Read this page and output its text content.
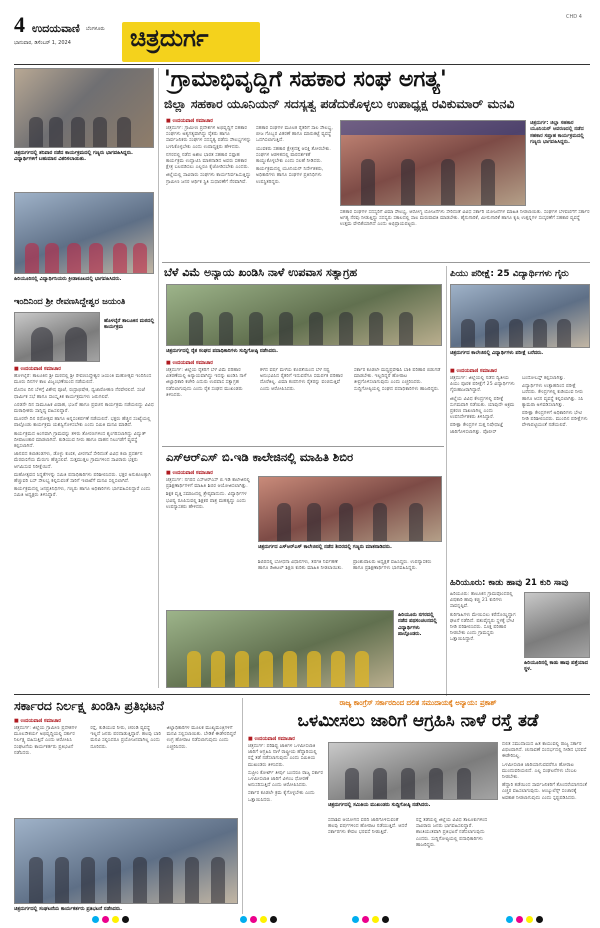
4 ಉದಯವಾಣಿ ಬೆಂಗಳೂರು
ಭಾನುವಾರ, ಡಿಸೆಂಬರ್ 1, 2024 ಚಿತ್ರದುರ್ಗ
CHD 4
ಚಿತ್ರದುರ್ಗದಲ್ಲಿ ಶನಿವಾರ ನಡೆದ ಕಾರ್ಯಕ್ರಮದಲ್ಲಿ ಗಣ್ಯರು ಭಾಗವಹಿಸಿದ್ದರು. ವಿದ್ಯಾರ್ಥಿಗಳಿಗೆ ಬಹುಮಾನ ವಿತರಿಸಲಾಯಿತು.
ಹಿರಿಯೂರಿನಲ್ಲಿ ವಿದ್ಯಾರ್ಥಿನಿಯರು ಕ್ರೀಡಾಕೂಟದಲ್ಲಿ ಭಾಗವಹಿಸಿದರು.
'ಗ್ರಾಮಾಭಿವೃದ್ಧಿಗೆ ಸಹಕಾರ ಸಂಘ ಅಗತ್ಯ'
ಜಿಲ್ಲಾ ಸಹಕಾರ ಯೂನಿಯನ್ ಸದಸ್ಯತ್ವ ಪಡೆದುಕೊಳ್ಳಲು ಉಪಾಧ್ಯಕ್ಷ ರವಿಕುಮಾರ್ ಮನವಿ
■ ಉದಯವಾಣಿ ಸಮಾಚಾರ

ಚಿತ್ರದುರ್ಗ: ಗ್ರಾಮೀಣ ಪ್ರದೇಶಗಳ ಅಭಿವೃದ್ಧಿಗೆ ಸಹಕಾರ ಸಂಘಗಳು ಅತ್ಯಗತ್ಯವಾಗಿದ್ದು ರೈತರು ಹಾಗೂ ಸಾರ್ವಜನಿಕರು ಸಂಘಗಳ ಸದಸ್ಯತ್ವ ಪಡೆದು ಸೌಲಭ್ಯಗಳನ್ನು ಬಳಸಿಕೊಳ್ಳಬೇಕು ಎಂದು ಉಪಾಧ್ಯಕ್ಷರು ಹೇಳಿದರು.

ನಗರದಲ್ಲಿ ನಡೆದ ಅಖಿಲ ಭಾರತ ಸಹಕಾರ ಸಪ್ತಾಹ ಕಾರ್ಯಕ್ರಮ ಉದ್ಘಾಟಿಸಿ ಮಾತನಾಡಿದ ಅವರು ಸಹಕಾರ ಕ್ಷೇತ್ರ ಬಲಪಡಿಸಲು ಎಲ್ಲರೂ ಕೈಜೋಡಿಸಬೇಕು ಎಂದರು.

ಜಿಲ್ಲೆಯಲ್ಲಿ ಸಾವಿರಾರು ಸಂಘಗಳು ಕಾರ್ಯನಿರ್ವಹಿಸುತ್ತಿದ್ದು ಗ್ರಾಮೀಣ ಜನರ ಆರ್ಥಿಕ ಸ್ಥಿತಿ ಸುಧಾರಣೆಗೆ ನೆರವಾಗಿವೆ.

ಸಹಕಾರ ಸಂಘಗಳ ಮೂಲಕ ರೈತರಿಗೆ ಸಾಲ ಸೌಲಭ್ಯ, ಬೀಜ ಗೊಬ್ಬರ ವಿತರಣೆ ಹಾಗೂ ಮಾರುಕಟ್ಟೆ ವ್ಯವಸ್ಥೆ ಒದಗಿಸಲಾಗುತ್ತಿದೆ.

ಯುವಕರು ಸಹಕಾರ ಕ್ಷೇತ್ರದತ್ತ ಆಸಕ್ತಿ ತೋರಬೇಕು. ಸಂಘಗಳ ಆಡಳಿತದಲ್ಲಿ ಪಾರದರ್ಶಕತೆ ಕಾಯ್ದುಕೊಳ್ಳಬೇಕು ಎಂದು ಸಲಹೆ ನೀಡಿದರು.

ಕಾರ್ಯಕ್ರಮದಲ್ಲಿ ಯೂನಿಯನ್ ನಿರ್ದೇಶಕರು, ಅಧಿಕಾರಿಗಳು ಹಾಗೂ ಸಂಘಗಳ ಪ್ರತಿನಿಧಿಗಳು ಉಪಸ್ಥಿತರಿದ್ದರು.

ಚಿತ್ರದುರ್ಗ: ಜಿಲ್ಲಾ ಸಹಕಾರ ಯೂನಿಯನ್ ಆವರಣದಲ್ಲಿ ನಡೆದ ಸಹಕಾರ ಸಪ್ತಾಹ ಕಾರ್ಯಕ್ರಮದಲ್ಲಿ ಗಣ್ಯರು ಭಾಗವಹಿಸಿದ್ದರು.

ಸಹಕಾರ ಸಂಘಗಳ ಸದಸ್ಯರಿಗೆ ವಿಮಾ ಸೌಲಭ್ಯ, ಆರೋಗ್ಯ ಯೋಜನೆಗಳು ಸೇರಿದಂತೆ ವಿವಿಧ ಸರ್ಕಾರಿ ಯೋಜನೆಗಳ ಮಾಹಿತಿ ನೀಡಲಾಯಿತು. ಸಂಘಗಳ ಬೆಳವಣಿಗೆಗೆ ಸರ್ಕಾರ ಅಗತ್ಯ ನೆರವು ನೀಡುತ್ತಿದ್ದು ಸದಸ್ಯರು ಸಕಾಲದಲ್ಲಿ ಸಾಲ ಮರುಪಾವತಿ ಮಾಡಬೇಕು. ಹೈನುಗಾರಿಕೆ, ಮೀನುಗಾರಿಕೆ ಹಾಗೂ ಕೃಷಿ ಉತ್ಪನ್ನಗಳ ಸಂಸ್ಕರಣೆಗೆ ಸಹಕಾರ ವ್ಯವಸ್ಥೆ ಉತ್ತಮ ವೇದಿಕೆಯಾಗಿದೆ ಎಂದು ಅಭಿಪ್ರಾಯಪಟ್ಟರು.

ಇಂದಿನಿಂದ ಶ್ರೀ ರೇವಣಸಿದ್ದೇಶ್ವರ ಜಯಂತಿ
ಹೊಳಲ್ಕೆರೆ ತಾಲೂಕಿನ ಮಠದಲ್ಲಿ ಕಾರ್ಯಕ್ರಮ
■ ಉದಯವಾಣಿ ಸಮಾಚಾರ

ಹೊಳಲ್ಕೆರೆ: ತಾಲೂಕಿನ ಶ್ರೀ ಮಠದಲ್ಲಿ ಶ್ರೀ ರೇವಣಸಿದ್ದೇಶ್ವರ ಜಯಂತಿ ಮಹೋತ್ಸವ ಇಂದಿನಿಂದ ಮೂರು ದಿನಗಳ ಕಾಲ ವಿಜೃಂಭಣೆಯಿಂದ ನಡೆಯಲಿದೆ.

ಮೊದಲ ದಿನ ಬೆಳಿಗ್ಗೆ ವಿಶೇಷ ಪೂಜೆ, ರುದ್ರಾಭಿಷೇಕ, ಧ್ವಜಾರೋಹಣ ನೆರವೇರಲಿದೆ. ಸಂಜೆ ಧಾರ್ಮಿಕ ಸಭೆ ಹಾಗೂ ಸಾಂಸ್ಕೃತಿಕ ಕಾರ್ಯಕ್ರಮಗಳು ಜರುಗಲಿವೆ.

ಎರಡನೇ ದಿನ ಸಾಮೂಹಿಕ ವಿವಾಹ, ಭಜನೆ ಹಾಗೂ ಪ್ರವಚನ ಕಾರ್ಯಕ್ರಮ ನಡೆಯಲಿದ್ದು ವಿವಿಧ ಮಠಾಧೀಶರು ಸಾನ್ನಿಧ್ಯ ವಹಿಸಲಿದ್ದಾರೆ.

ಮೂರನೇ ದಿನ ರಥೋತ್ಸವ ಹಾಗೂ ಅನ್ನಸಂತರ್ಪಣೆ ನಡೆಯಲಿದೆ. ಭಕ್ತರು ಹೆಚ್ಚಿನ ಸಂಖ್ಯೆಯಲ್ಲಿ ಪಾಲ್ಗೊಂಡು ಕಾರ್ಯಕ್ರಮ ಯಶಸ್ವಿಗೊಳಿಸಬೇಕು ಎಂದು ಸಮಿತಿ ಮನವಿ ಮಾಡಿದೆ.

ಕಾರ್ಯಕ್ರಮದ ಅಂಗವಾಗಿ ಗ್ರಾಮವನ್ನು ತಳಿರು ತೋರಣಗಳಿಂದ ಶೃಂಗರಿಸಲಾಗಿದ್ದು ವಿದ್ಯುತ್ ದೀಪಾಲಂಕಾರ ಮಾಡಲಾಗಿದೆ. ಕುಡಿಯುವ ನೀರು ಹಾಗೂ ವಾಹನ ನಿಲುಗಡೆಗೆ ವ್ಯವಸ್ಥೆ ಕಲ್ಪಿಸಲಾಗಿದೆ.

ಜಾನಪದ ಕಲಾತಂಡಗಳು, ಡೊಳ್ಳು ಕುಣಿತ, ವೀರಗಾಸೆ ಸೇರಿದಂತೆ ವಿವಿಧ ಕಲಾ ಪ್ರದರ್ಶನ ಮೆರವಣಿಗೆಯ ಮೆರುಗು ಹೆಚ್ಚಿಸಲಿವೆ. ಸುತ್ತಮುತ್ತಲ ಗ್ರಾಮಗಳಿಂದ ಸಾವಿರಾರು ಭಕ್ತರು ಆಗಮಿಸುವ ನಿರೀಕ್ಷೆಯಿದೆ.

ಮಹೋತ್ಸವದ ಸಿದ್ಧತೆಗಳನ್ನು ಸಮಿತಿ ಪದಾಧಿಕಾರಿಗಳು ಪರಿಶೀಲಿಸಿದರು. ಭಕ್ತರ ಅನುಕೂಲಕ್ಕಾಗಿ ಹೆಚ್ಚುವರಿ ಬಸ್ ಸೌಲಭ್ಯ ಕಲ್ಪಿಸುವಂತೆ ಸಾರಿಗೆ ಇಲಾಖೆಗೆ ಮನವಿ ಸಲ್ಲಿಸಲಾಗಿದೆ.

ಕಾರ್ಯಕ್ರಮದಲ್ಲಿ ಜನಪ್ರತಿನಿಧಿಗಳು, ಗಣ್ಯರು ಹಾಗೂ ಅಧಿಕಾರಿಗಳು ಭಾಗವಹಿಸಲಿದ್ದಾರೆ ಎಂದು ಸಮಿತಿ ಅಧ್ಯಕ್ಷರು ತಿಳಿಸಿದ್ದಾರೆ.

ಬೆಳೆ ವಿಮೆ ಅನ್ಯಾಯ ಖಂಡಿಸಿ ನಾಳೆ ಉಪವಾಸ ಸತ್ಯಾಗ್ರಹ
ಚಿತ್ರದುರ್ಗದಲ್ಲಿ ರೈತ ಸಂಘದ ಪದಾಧಿಕಾರಿಗಳು ಸುದ್ದಿಗೋಷ್ಠಿ ನಡೆಸಿದರು.
■ ಉದಯವಾಣಿ ಸಮಾಚಾರ

ಚಿತ್ರದುರ್ಗ: ಜಿಲ್ಲೆಯ ರೈತರಿಗೆ ಬೆಳೆ ವಿಮೆ ಪರಿಹಾರ ವಿತರಣೆಯಲ್ಲಿ ಅನ್ಯಾಯವಾಗಿದ್ದು ಇದನ್ನು ಖಂಡಿಸಿ ನಾಳೆ ಜಿಲ್ಲಾಧಿಕಾರಿ ಕಚೇರಿ ಎದುರು ಉಪವಾಸ ಸತ್ಯಾಗ್ರಹ ನಡೆಸಲಾಗುವುದು ಎಂದು ರೈತ ಸಂಘದ ಮುಖಂಡರು ತಿಳಿಸಿದರು.

ಕಳೆದ ವರ್ಷ ಮಳೆಯ ಕೊರತೆಯಿಂದ ಬೆಳೆ ನಷ್ಟ ಅನುಭವಿಸಿದ ರೈತರಿಗೆ ಇದುವರೆಗೂ ಸಮರ್ಪಕ ಪರಿಹಾರ ದೊರೆತಿಲ್ಲ. ವಿಮಾ ಕಂಪನಿಗಳು ರೈತರನ್ನು ವಂಚಿಸುತ್ತಿವೆ ಎಂದು ಆರೋಪಿಸಿದರು.

ಸರ್ಕಾರ ಕೂಡಲೇ ಮಧ್ಯಪ್ರವೇಶಿಸಿ ಬಾಕಿ ಪರಿಹಾರ ಬಿಡುಗಡೆ ಮಾಡಬೇಕು. ಇಲ್ಲದಿದ್ದರೆ ಹೋರಾಟ ತೀವ್ರಗೊಳಿಸಲಾಗುವುದು ಎಂದು ಎಚ್ಚರಿಸಿದರು. ಸುದ್ದಿಗೋಷ್ಠಿಯಲ್ಲಿ ಸಂಘದ ಪದಾಧಿಕಾರಿಗಳು ಹಾಜರಿದ್ದರು.

ಪಿಯು ಪರೀಕ್ಷೆ: 25 ವಿದ್ಯಾರ್ಥಿಗಳು ಗೈರು
ಚಿತ್ರದುರ್ಗದ ಕಾಲೇಜಿನಲ್ಲಿ ವಿದ್ಯಾರ್ಥಿಗಳು ಪರೀಕ್ಷೆ ಬರೆದರು.
■ ಉದಯವಾಣಿ ಸಮಾಚಾರ

ಚಿತ್ರದುರ್ಗ: ಜಿಲ್ಲೆಯಲ್ಲಿ ನಡೆದ ದ್ವಿತೀಯ ಪಿಯು ಪೂರಕ ಪರೀಕ್ಷೆಗೆ 25 ವಿದ್ಯಾರ್ಥಿಗಳು ಗೈರುಹಾಜರಾಗಿದ್ದಾರೆ.

ಜಿಲ್ಲೆಯ ವಿವಿಧ ಕೇಂದ್ರಗಳಲ್ಲಿ ಪರೀಕ್ಷೆ ಸುಗಮವಾಗಿ ನಡೆಯಿತು. ಯಾವುದೇ ಅಕ್ರಮ ಪ್ರಕರಣ ದಾಖಲಾಗಿಲ್ಲ ಎಂದು ಉಪನಿರ್ದೇಶಕರು ತಿಳಿಸಿದ್ದಾರೆ.

ಪರೀಕ್ಷಾ ಕೇಂದ್ರಗಳ ಸುತ್ತ ನಿಷೇಧಾಜ್ಞೆ ಜಾರಿಗೊಳಿಸಲಾಗಿತ್ತು. ಪೊಲೀಸ್ ಬಂದೋಬಸ್ತ್ ಕಲ್ಪಿಸಲಾಗಿತ್ತು.

ವಿದ್ಯಾರ್ಥಿಗಳು ಉತ್ಸಾಹದಿಂದ ಪರೀಕ್ಷೆ ಬರೆದರು. ಕೇಂದ್ರಗಳಲ್ಲಿ ಕುಡಿಯುವ ನೀರು ಹಾಗೂ ಆಸನ ವ್ಯವಸ್ಥೆ ಕಲ್ಪಿಸಲಾಗಿತ್ತು. ಸಿಸಿ ಕ್ಯಾಮರಾ ಅಳವಡಿಸಲಾಗಿತ್ತು.

ಪರೀಕ್ಷಾ ಕೇಂದ್ರಗಳಿಗೆ ಅಧಿಕಾರಿಗಳು ಭೇಟಿ ನೀಡಿ ಪರಿಶೀಲಿಸಿದರು. ಮುಂದಿನ ಪರೀಕ್ಷೆಗಳು ವೇಳಾಪಟ್ಟಿಯಂತೆ ನಡೆಯಲಿವೆ.

ಎಸ್‌ಆರ್‌ಎಸ್ ಬಿ.ಇಡಿ ಕಾಲೇಜಿನಲ್ಲಿ ಮಾಹಿತಿ ಶಿಬಿರ
■ ಉದಯವಾಣಿ ಸಮಾಚಾರ

ಚಿತ್ರದುರ್ಗ: ನಗರದ ಎಸ್‌ಆರ್‌ಎಸ್ ಬಿ.ಇಡಿ ಕಾಲೇಜಿನಲ್ಲಿ ಪ್ರಶಿಕ್ಷಣಾರ್ಥಿಗಳಿಗೆ ಮಾಹಿತಿ ಶಿಬಿರ ಆಯೋಜಿಸಲಾಗಿತ್ತು.

ಶಿಕ್ಷಕ ವೃತ್ತಿ ಸಮಾಜದಲ್ಲಿ ಶ್ರೇಷ್ಠವಾದುದು. ವಿದ್ಯಾರ್ಥಿಗಳ ಭವಿಷ್ಯ ರೂಪಿಸುವಲ್ಲಿ ಶಿಕ್ಷಕರ ಪಾತ್ರ ಮಹತ್ವದ್ದು ಎಂದು ಉಪನ್ಯಾಸಕರು ಹೇಳಿದರು.

ಚಿತ್ರದುರ್ಗದ ಎಸ್‌ಆರ್‌ಎಸ್ ಕಾಲೇಜಿನಲ್ಲಿ ನಡೆದ ಶಿಬಿರದಲ್ಲಿ ಗಣ್ಯರು ಮಾತನಾಡಿದರು.

ಶಿಬಿರದಲ್ಲಿ ಬೋಧನಾ ವಿಧಾನಗಳು, ತರಗತಿ ನಿರ್ವಹಣೆ ಹಾಗೂ ಡಿಜಿಟಲ್ ಶಿಕ್ಷಣ ಕುರಿತು ಮಾಹಿತಿ ನೀಡಲಾಯಿತು. ಪ್ರಾಂಶುಪಾಲರು ಅಧ್ಯಕ್ಷತೆ ವಹಿಸಿದ್ದರು. ಉಪನ್ಯಾಸಕರು ಹಾಗೂ ಪ್ರಶಿಕ್ಷಣಾರ್ಥಿಗಳು ಭಾಗವಹಿಸಿದ್ದರು.

ಹಿರಿಯೂರು ನಗರದಲ್ಲಿ ನಡೆದ ಪಥಸಂಚಲನದಲ್ಲಿ ವಿದ್ಯಾರ್ಥಿಗಳು ಪಾಲ್ಗೊಂಡರು.
ಹಿರಿಯೂರು: ಕಾಡು ಹಾವು 21 ಕುರಿ ಸಾವು

ಹಿರಿಯೂರು: ತಾಲೂಕಿನ ಗ್ರಾಮವೊಂದರಲ್ಲಿ ವಿಷಕಾರಿ ಹಾವು ಕಚ್ಚಿ 21 ಕುರಿಗಳು ಸಾವನ್ನಪ್ಪಿವೆ.

ಕುರಿಗಾಹಿಗಳು ಮೇಯಿಸಲು ಕರೆದೊಯ್ದಿದ್ದಾಗ ಘಟನೆ ನಡೆದಿದೆ. ಪಶುವೈದ್ಯರು ಸ್ಥಳಕ್ಕೆ ಭೇಟಿ ನೀಡಿ ಪರಿಶೀಲಿಸಿದರು. ಸೂಕ್ತ ಪರಿಹಾರ ನೀಡಬೇಕು ಎಂದು ಗ್ರಾಮಸ್ಥರು ಒತ್ತಾಯಿಸಿದ್ದಾರೆ.

ಹಿರಿಯೂರಿನಲ್ಲಿ ಕಾಡು ಹಾವು ಪತ್ತೆಯಾದ ಸ್ಥಳ.
ಸರ್ಕಾರದ ನಿರ್ಲಕ್ಷ್ಯ ಖಂಡಿಸಿ ಪ್ರತಿಭಟನೆ
■ ಉದಯವಾಣಿ ಸಮಾಚಾರ

ಚಿತ್ರದುರ್ಗ: ಜಿಲ್ಲೆಯ ಗ್ರಾಮೀಣ ಪ್ರದೇಶಗಳ ಮೂಲಸೌಕರ್ಯ ಅಭಿವೃದ್ಧಿಯಲ್ಲಿ ಸರ್ಕಾರ ನಿರ್ಲಕ್ಷ್ಯ ವಹಿಸುತ್ತಿದೆ ಎಂದು ಆರೋಪಿಸಿ ಸಂಘಟನೆಯ ಕಾರ್ಯಕರ್ತರು ಪ್ರತಿಭಟನೆ ನಡೆಸಿದರು.

ರಸ್ತೆ, ಕುಡಿಯುವ ನೀರು, ಚರಂಡಿ ವ್ಯವಸ್ಥೆ ಇಲ್ಲದೆ ಜನರು ಪರದಾಡುತ್ತಿದ್ದಾರೆ. ಹಲವು ಬಾರಿ ಮನವಿ ಸಲ್ಲಿಸಿದರೂ ಪ್ರಯೋಜನವಾಗಿಲ್ಲ ಎಂದು ದೂರಿದರು.

ಜಿಲ್ಲಾಧಿಕಾರಿಗಳ ಮೂಲಕ ಮುಖ್ಯಮಂತ್ರಿಗಳಿಗೆ ಮನವಿ ಸಲ್ಲಿಸಲಾಯಿತು. ಬೇಡಿಕೆ ಈಡೇರದಿದ್ದರೆ ಉಗ್ರ ಹೋರಾಟ ನಡೆಸಲಾಗುವುದು ಎಂದು ಎಚ್ಚರಿಸಿದರು.

ಚಿತ್ರದುರ್ಗದಲ್ಲಿ ಸಂಘಟನೆಯ ಕಾರ್ಯಕರ್ತರು ಪ್ರತಿಭಟನೆ ನಡೆಸಿದರು.
ರಾಜ್ಯ ಕಾಂಗ್ರೆಸ್ ಸರ್ಕಾರದಿಂದ ದಲಿತ ಸಮುದಾಯಕ್ಕೆ ಅನ್ಯಾಯ: ಪ್ರಕಾಶ್
ಒಳಮೀಸಲು ಜಾರಿಗೆ ಆಗ್ರಹಿಸಿ ನಾಳೆ ರಸ್ತೆ ತಡೆ
■ ಉದಯವಾಣಿ ಸಮಾಚಾರ

ಚಿತ್ರದುರ್ಗ: ಪರಿಶಿಷ್ಟ ಜಾತಿಗಳ ಒಳಮೀಸಲಾತಿ ಜಾರಿಗೆ ಆಗ್ರಹಿಸಿ ನಾಳೆ ರಾಷ್ಟ್ರೀಯ ಹೆದ್ದಾರಿಯಲ್ಲಿ ರಸ್ತೆ ತಡೆ ನಡೆಸಲಾಗುವುದು ಎಂದು ಸಮಿತಿಯ ಮುಖಂಡರು ತಿಳಿಸಿದರು.

ಸುಪ್ರೀಂ ಕೋರ್ಟ್ ತೀರ್ಪು ಬಂದರೂ ರಾಜ್ಯ ಸರ್ಕಾರ ಒಳಮೀಸಲಾತಿ ಜಾರಿಗೆ ವಿಳಂಬ ಧೋರಣೆ ಅನುಸರಿಸುತ್ತಿದೆ ಎಂದು ಆರೋಪಿಸಿದರು.

ಸರ್ಕಾರ ಕೂಡಲೇ ಕ್ರಮ ಕೈಗೊಳ್ಳಬೇಕು ಎಂದು ಒತ್ತಾಯಿಸಿದರು.

ಚಿತ್ರದುರ್ಗದಲ್ಲಿ ಸಮಿತಿಯ ಮುಖಂಡರು ಸುದ್ದಿಗೋಷ್ಠಿ ನಡೆಸಿದರು.

ಸದಾಶಿವ ಆಯೋಗದ ವರದಿ ಜಾರಿಗೊಳಿಸುವಂತೆ ಹಲವು ವರ್ಷಗಳಿಂದ ಹೋರಾಟ ನಡೆಯುತ್ತಿದೆ. ಆದರೆ ಸರ್ಕಾರಗಳು ಕೇವಲ ಭರವಸೆ ನೀಡುತ್ತಿವೆ.

ರಸ್ತೆ ತಡೆಯಲ್ಲಿ ಜಿಲ್ಲೆಯ ವಿವಿಧ ತಾಲೂಕುಗಳಿಂದ ಸಾವಿರಾರು ಜನರು ಭಾಗವಹಿಸಲಿದ್ದಾರೆ. ಶಾಂತಿಯುತವಾಗಿ ಪ್ರತಿಭಟನೆ ನಡೆಸಲಾಗುವುದು ಎಂದರು. ಸುದ್ದಿಗೋಷ್ಠಿಯಲ್ಲಿ ಪದಾಧಿಕಾರಿಗಳು ಹಾಜರಿದ್ದರು.

ದಲಿತ ಸಮುದಾಯದ ಹಿತ ಕಾಯುವಲ್ಲಿ ರಾಜ್ಯ ಸರ್ಕಾರ ವಿಫಲವಾಗಿದೆ. ಚುನಾವಣೆ ಸಂದರ್ಭದಲ್ಲಿ ನೀಡಿದ ಭರವಸೆ ಈಡೇರಿಸಿಲ್ಲ.

ಒಳಮೀಸಲಾತಿ ಜಾರಿಯಾಗುವವರೆಗೂ ಹೋರಾಟ ಮುಂದುವರಿಯಲಿದೆ. ಎಲ್ಲ ಸಂಘಟನೆಗಳು ಬೆಂಬಲ ನೀಡಬೇಕು.

ಹೆದ್ದಾರಿ ತಡೆಯಿಂದ ಸಾರ್ವಜನಿಕರಿಗೆ ತೊಂದರೆಯಾಗದಂತೆ ಎಚ್ಚರ ವಹಿಸಲಾಗುವುದು. ಆಂಬ್ಯುಲೆನ್ಸ್ ಸಂಚಾರಕ್ಕೆ ಅವಕಾಶ ನೀಡಲಾಗುವುದು ಎಂದು ಸ್ಪಷ್ಟಪಡಿಸಿದರು.
